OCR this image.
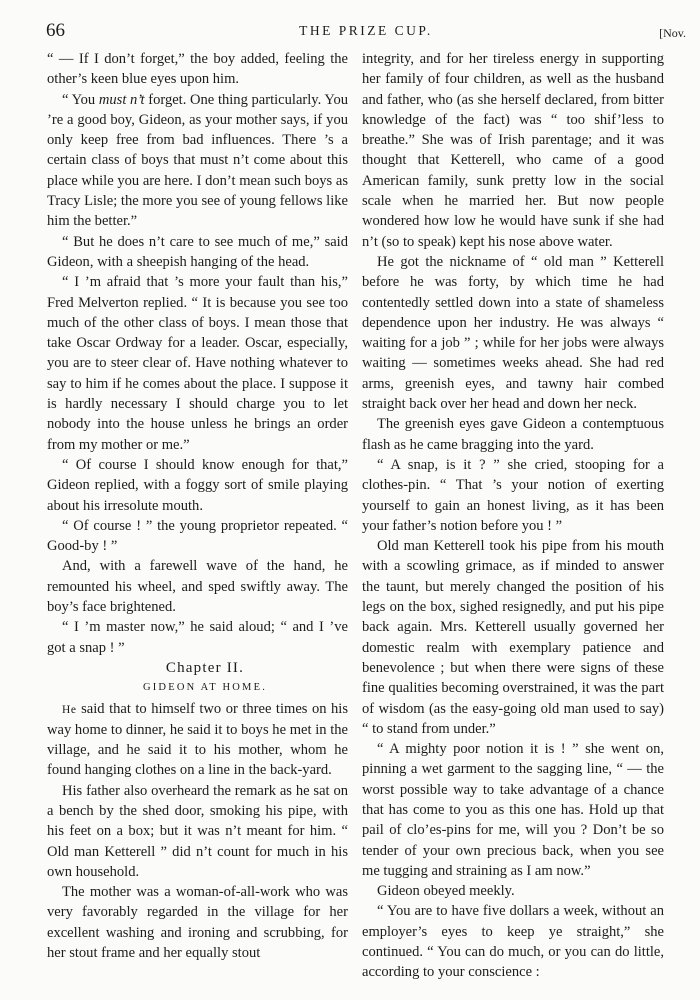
66	THE PRIZE CUP.	[Nov.

“ — If I don’t forget,” the boy added, feeling the other’s keen blue eyes upon him.

“ You must n’t forget. One thing particularly. You ’re a good boy, Gideon, as your mother says, if you only keep free from bad influences. There ’s a certain class of boys that must n’t come about this place while you are here. I don’t mean such boys as Tracy Lisle; the more you see of young fellows like him the better.”

“ But he does n’t care to see much of me,” said Gideon, with a sheepish hanging of the head.

“ I ’m afraid that ’s more your fault than his,” Fred Melverton replied. “ It is because you see too much of the other class of boys. I mean those that take Oscar Ordway for a leader. Oscar, especially, you are to steer clear of. Have nothing whatever to say to him if he comes about the place. I suppose it is hardly necessary I should charge you to let nobody into the house unless he brings an order from my mother or me.”

“ Of course I should know enough for that,” Gideon replied, with a foggy sort of smile playing about his irresolute mouth.

“ Of course ! ” the young proprietor repeated. “ Good-by ! ”

And, with a farewell wave of the hand, he remounted his wheel, and sped swiftly away. The boy’s face brightened.

“ I ’m master now,” he said aloud; “ and I ’ve got a snap ! ”

Chapter II.

GIDEON AT HOME.

He said that to himself two or three times on his way home to dinner, he said it to boys he met in the village, and he said it to his mother, whom he found hanging clothes on a line in the back-yard.

His father also overheard the remark as he sat on a bench by the shed door, smoking his pipe, with his feet on a box; but it was n’t meant for him. “ Old man Ketterell ” did n’t count for much in his own household.

The mother was a woman-of-all-work who was very favorably regarded in the village for her excellent washing and ironing and scrubbing, for her stout frame and her equally stout

integrity, and for her tireless energy in supporting her family of four children, as well as the husband and father, who (as she herself declared, from bitter knowledge of the fact) was “ too shif’less to breathe.” She was of Irish parentage; and it was thought that Ketterell, who came of a good American family, sunk pretty low in the social scale when he married her. But now people wondered how low he would have sunk if she had n’t (so to speak) kept his nose above water.

He got the nickname of “ old man ” Ketterell before he was forty, by which time he had contentedly settled down into a state of shameless dependence upon her industry. He was always “ waiting for a job ” ; while for her jobs were always waiting — sometimes weeks ahead. She had red arms, greenish eyes, and tawny hair combed straight back over her head and down her neck.

The greenish eyes gave Gideon a contemptuous flash as he came bragging into the yard.

“ A snap, is it ? ” she cried, stooping for a clothes-pin. “ That ’s your notion of exerting yourself to gain an honest living, as it has been your father’s notion before you ! ”

Old man Ketterell took his pipe from his mouth with a scowling grimace, as if minded to answer the taunt, but merely changed the position of his legs on the box, sighed resignedly, and put his pipe back again. Mrs. Ketterell usually governed her domestic realm with exemplary patience and benevolence ; but when there were signs of these fine qualities becoming overstrained, it was the part of wisdom (as the easy-going old man used to say) “ to stand from under.”

“ A mighty poor notion it is ! ” she went on, pinning a wet garment to the sagging line, “ — the worst possible way to take advantage of a chance that has come to you as this one has. Hold up that pail of clo’es-pins for me, will you ? Don’t be so tender of your own precious back, when you see me tugging and straining as I am now.”

Gideon obeyed meekly.

“ You are to have five dollars a week, without an employer’s eyes to keep ye straight,” she continued. “ You can do much, or you can do little, according to your conscience :
